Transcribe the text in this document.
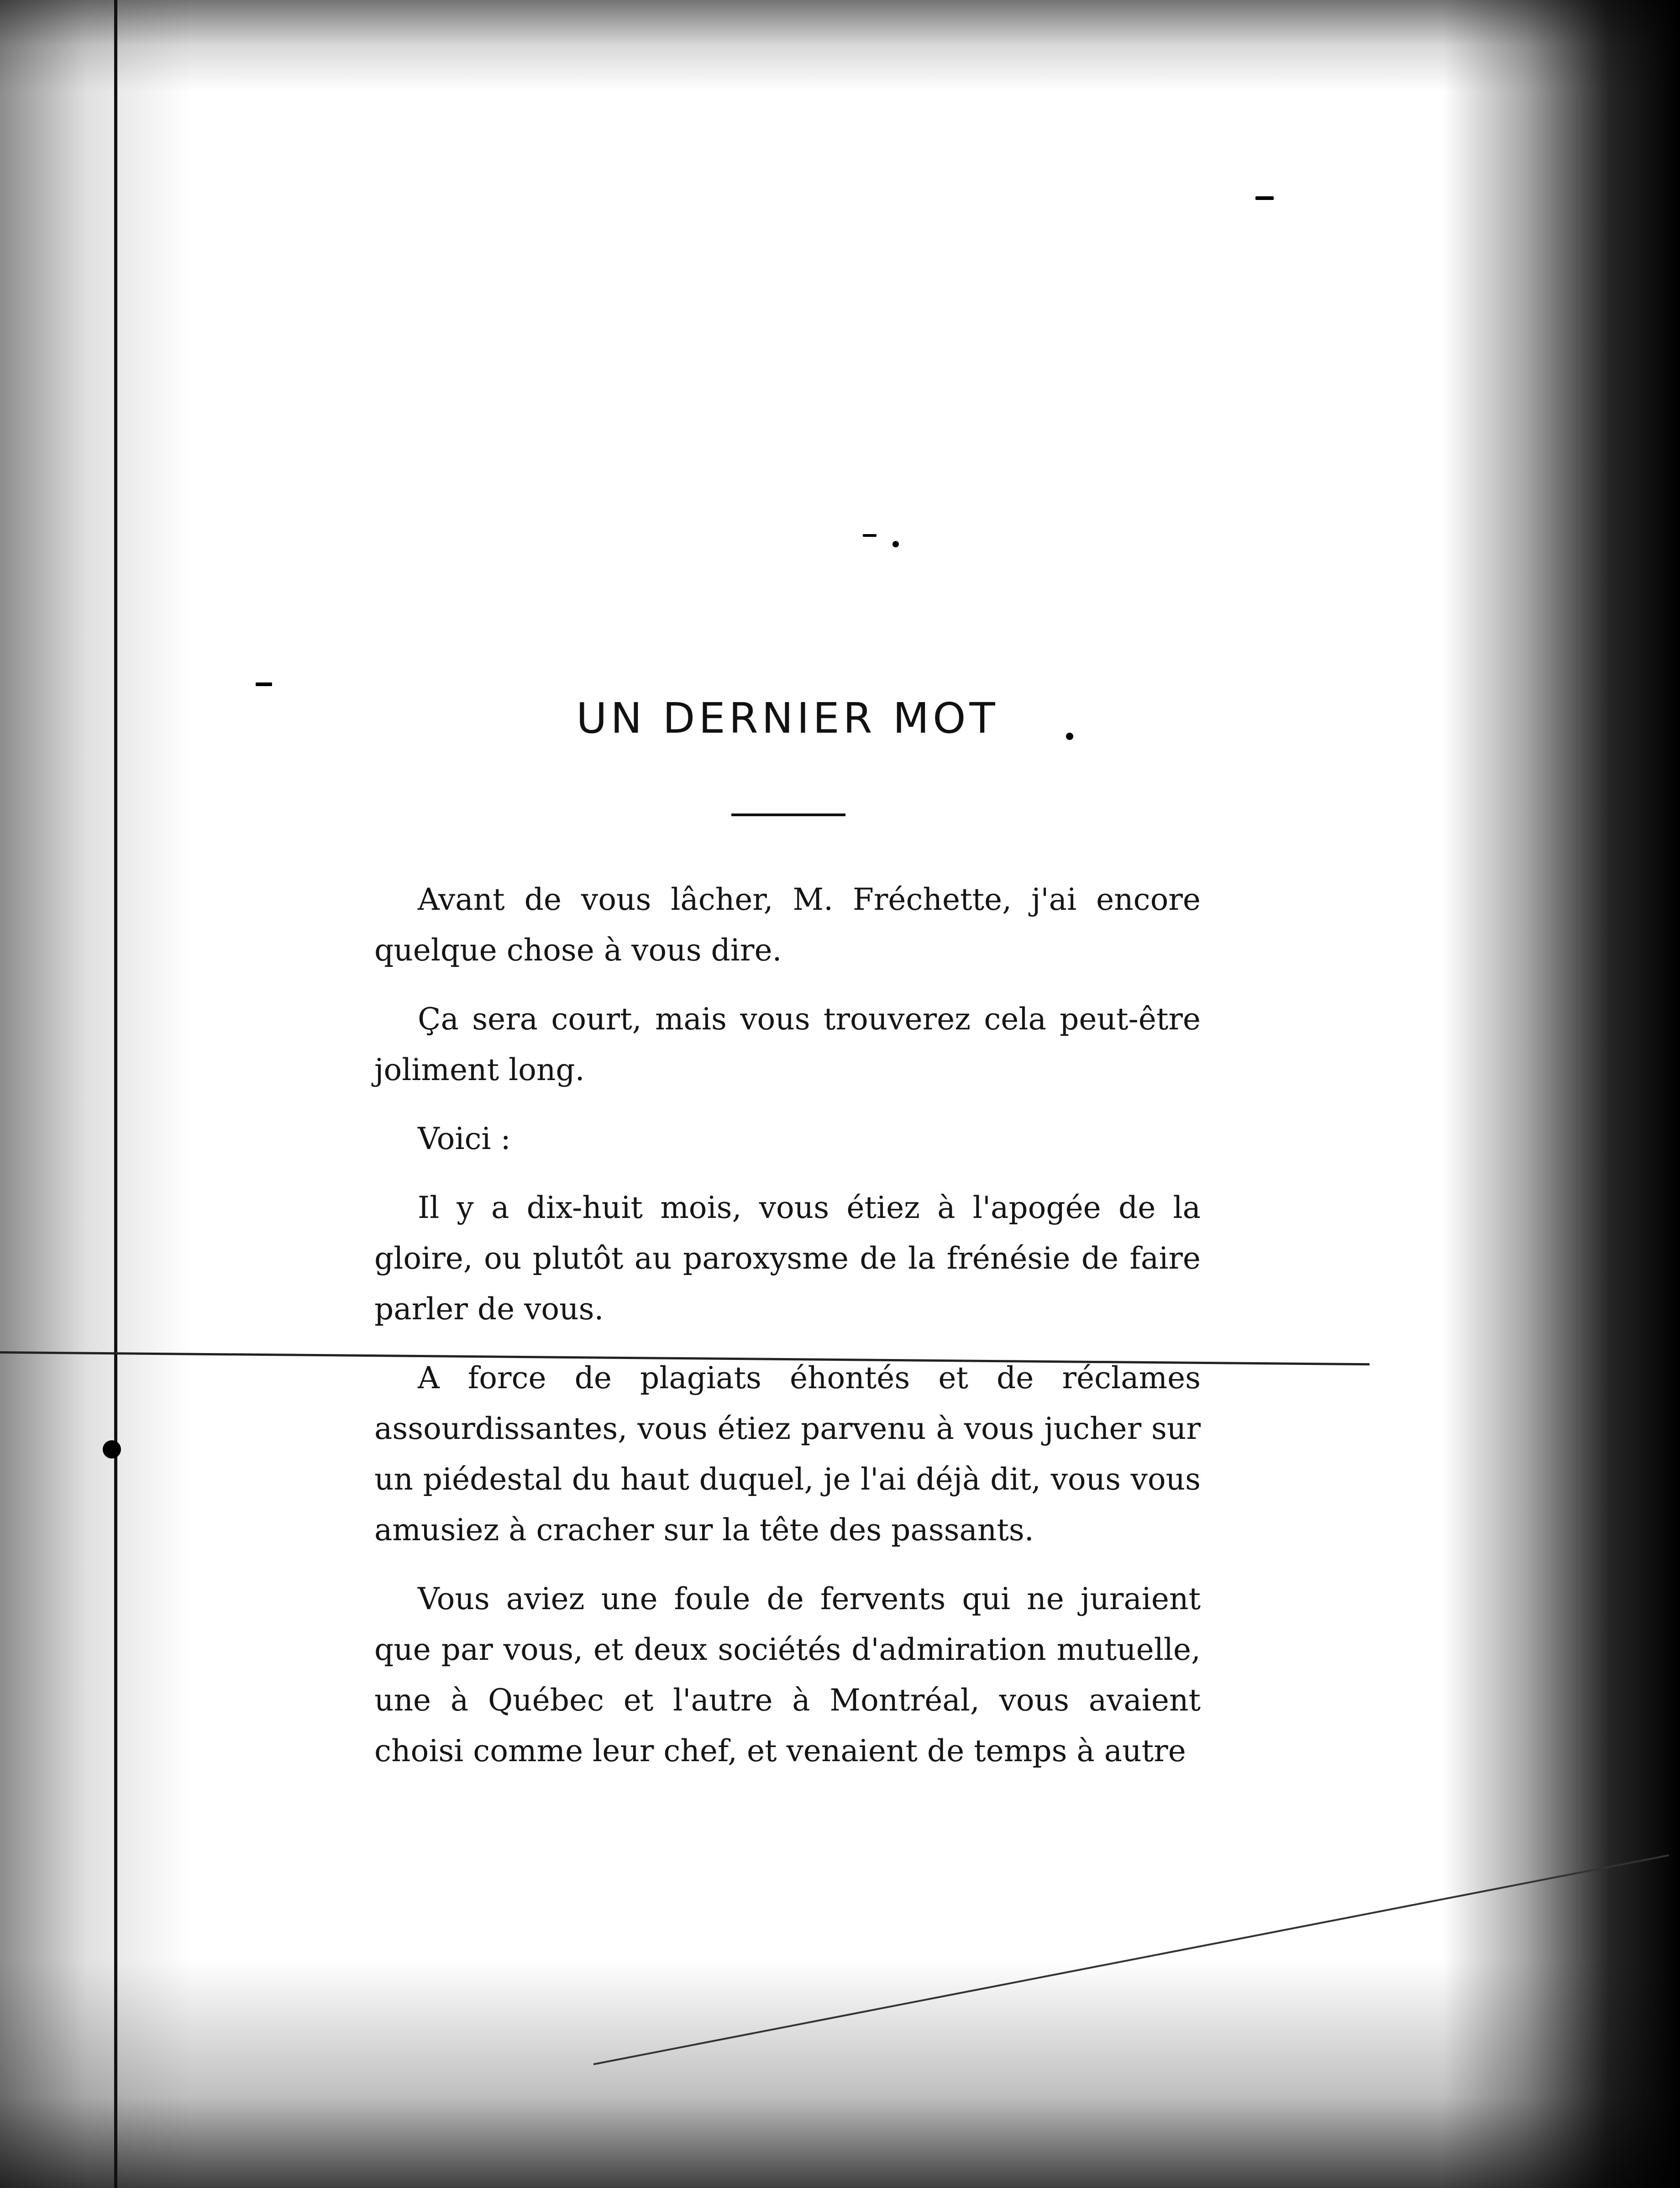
UN DERNIER MOT

Avant de vous lâcher, M. Fréchette, j'ai encore quelque chose à vous dire.

Ça sera court, mais vous trouverez cela peut-être joliment long.

Voici :

Il y a dix-huit mois, vous étiez à l'apogée de la gloire, ou plutôt au paroxysme de la frénésie de faire parler de vous.

A force de plagiats éhontés et de réclames assourdissantes, vous étiez parvenu à vous jucher sur un piédestal du haut duquel, je l'ai déjà dit, vous vous amusiez à cracher sur la tête des passants.

Vous aviez une foule de fervents qui ne juraient que par vous, et deux sociétés d'admiration mutuelle, une à Québec et l'autre à Montréal, vous avaient choisi comme leur chef, et venaient de temps à autre
